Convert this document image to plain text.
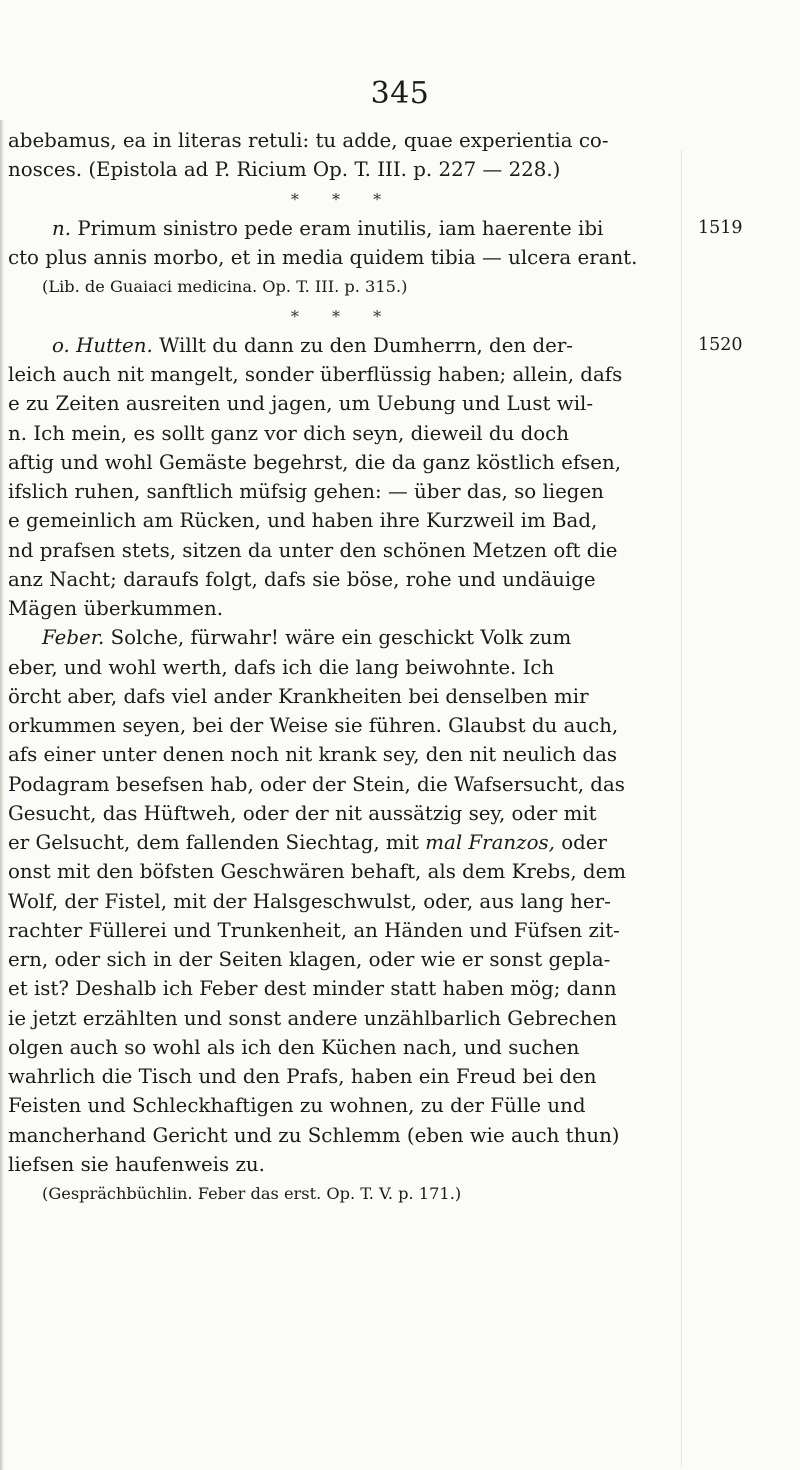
345
abebamus, ea in literas retuli: tu adde, quae experientia co-
nosces. (Epistola ad P. Ricium Op. T. III. p. 227 — 228.)
* * *
n. Primum sinistro pede eram inutilis, iam haerente ibi
cto plus annis morbo, et in media quidem tibia — ulcera erant.
(Lib. de Guaiaci medicina. Op. T. III. p. 315.)
* * *
o. Hutten. Willt du dann zu den Dumherrn, den der-
leich auch nit mangelt, sonder überflüssig haben; allein, dafs
e zu Zeiten ausreiten und jagen, um Uebung und Lust wil-
n. Ich mein, es sollt ganz vor dich seyn, dieweil du doch
aftig und wohl Gemäste begehrst, die da ganz köstlich efsen,
ifslich ruhen, sanftlich müfsig gehen: — über das, so liegen
e gemeinlich am Rücken, und haben ihre Kurzweil im Bad,
nd prafsen stets, sitzen da unter den schönen Metzen oft die
anz Nacht; daraufs folgt, dafs sie böse, rohe und undäuige
Mägen überkummen.
Feber. Solche, fürwahr! wäre ein geschickt Volk zum
eber, und wohl werth, dafs ich die lang beiwohnte. Ich
örcht aber, dafs viel ander Krankheiten bei denselben mir
orkummen seyen, bei der Weise sie führen. Glaubst du auch,
afs einer unter denen noch nit krank sey, den nit neulich das
Podagram besefsen hab, oder der Stein, die Wafsersucht, das
Gesucht, das Hüftweh, oder der nit aussätzig sey, oder mit
er Gelsucht, dem fallenden Siechtag, mit mal Franzos, oder
onst mit den böfsten Geschwären behaft, als dem Krebs, dem
Wolf, der Fistel, mit der Halsgeschwulst, oder, aus lang her-
rachter Füllerei und Trunkenheit, an Händen und Füfsen zit-
ern, oder sich in der Seiten klagen, oder wie er sonst gepla-
et ist? Deshalb ich Feber dest minder statt haben mög; dann
ie jetzt erzählten und sonst andere unzählbarlich Gebrechen
olgen auch so wohl als ich den Küchen nach, und suchen
wahrlich die Tisch und den Prafs, haben ein Freud bei den
Feisten und Schleckhaftigen zu wohnen, zu der Fülle und
mancherhand Gericht und zu Schlemm (eben wie auch thun)
liefsen sie haufenweis zu.
(Gesprächbüchlin. Feber das erst. Op. T. V. p. 171.)
1519
1520
